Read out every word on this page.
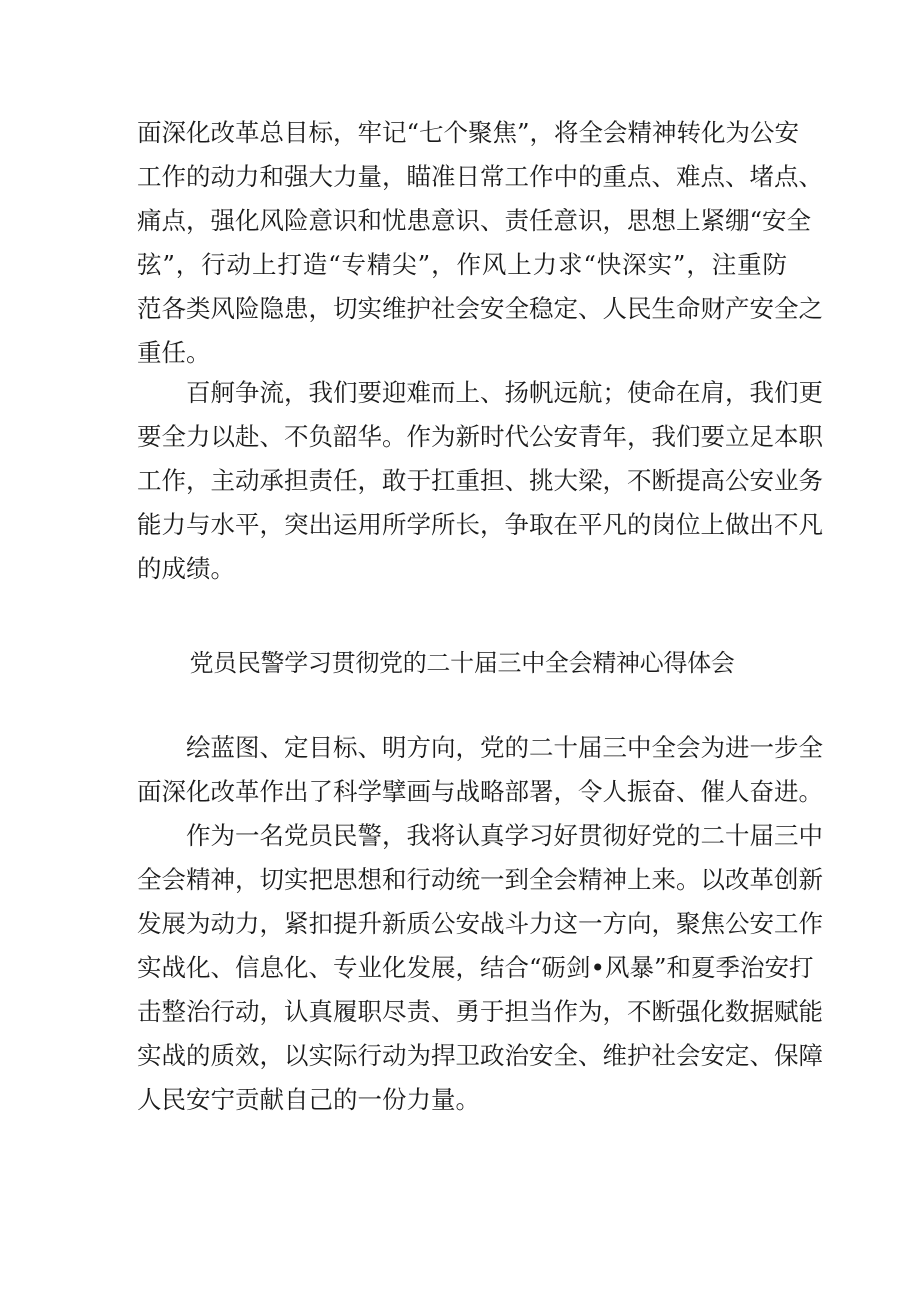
面深化改革总目标，牢记“七个聚焦”，将全会精神转化为公安
工作的动力和强大力量，瞄准日常工作中的重点、难点、堵点、
痛点，强化风险意识和忧患意识、责任意识，思想上紧绷“安全
弦”，行动上打造“专精尖”，作风上力求“快深实”，注重防
范各类风险隐患，切实维护社会安全稳定、人民生命财产安全之
重任。
　　百舸争流，我们要迎难而上、扬帆远航；使命在肩，我们更
要全力以赴、不负韶华。作为新时代公安青年，我们要立足本职
工作，主动承担责任，敢于扛重担、挑大梁，不断提高公安业务
能力与水平，突出运用所学所长，争取在平凡的岗位上做出不凡
的成绩。
党员民警学习贯彻党的二十届三中全会精神心得体会
　　绘蓝图、定目标、明方向，党的二十届三中全会为进一步全
面深化改革作出了科学擘画与战略部署，令人振奋、催人奋进。
　　作为一名党员民警，我将认真学习好贯彻好党的二十届三中
全会精神，切实把思想和行动统一到全会精神上来。以改革创新
发展为动力，紧扣提升新质公安战斗力这一方向，聚焦公安工作
实战化、信息化、专业化发展，结合“砺剑•风暴”和夏季治安打
击整治行动，认真履职尽责、勇于担当作为，不断强化数据赋能
实战的质效，以实际行动为捍卫政治安全、维护社会安定、保障
人民安宁贡献自己的一份力量。
